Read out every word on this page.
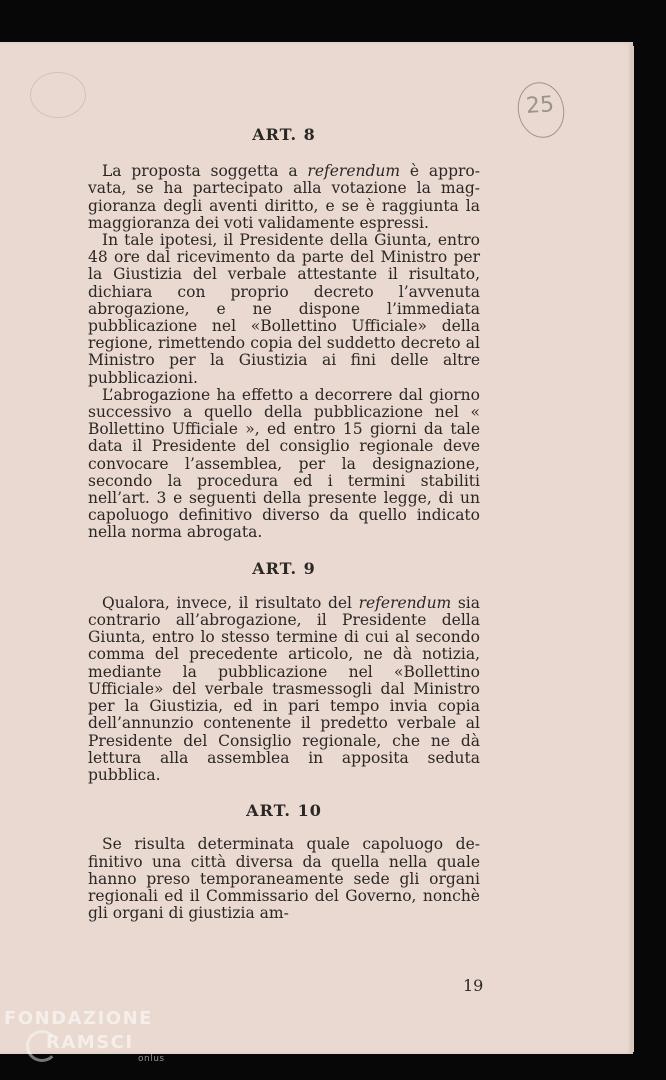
25
ART. 8

La proposta soggetta a referendum è approvata, se ha partecipato alla votazione la maggioranza degli aventi diritto, e se è raggiunta la maggioranza dei voti validamente espressi.

In tale ipotesi, il Presidente della Giunta, entro 48 ore dal ricevimento da parte del Ministro per la Giustizia del verbale attestante il risultato, dichiara con proprio decreto l’avvenuta abrogazione, e ne dispone l’immediata pubblicazione nel «Bollettino Ufficiale» della regione, rimettendo copia del suddetto decreto al Ministro per la Giustizia ai fini delle altre pubblicazioni.

L’abrogazione ha effetto a decorrere dal giorno successivo a quello della pubblicazione nel « Bollettino Ufficiale », ed entro 15 giorni da tale data il Presidente del consiglio regionale deve convocare l’assemblea, per la designazione, secondo la procedura ed i termini stabiliti nell’art. 3 e seguenti della presente legge, di un capoluogo definitivo diverso da quello indicato nella norma abrogata.

ART. 9

Qualora, invece, il risultato del referendum sia contrario all’abrogazione, il Presidente della Giunta, entro lo stesso termine di cui al secondo comma del precedente articolo, ne dà notizia, mediante la pubblicazione nel «Bollettino Ufficiale» del verbale trasmessogli dal Ministro per la Giustizia, ed in pari tempo invia copia dell’annunzio contenente il predetto verbale al Presidente del Consiglio regionale, che ne dà lettura alla assemblea in apposita seduta pubblica.

ART. 10

Se risulta determinata quale capoluogo definitivo una città diversa da quella nella quale hanno preso temporaneamente sede gli organi regionali ed il Commissario del Governo, nonchè gli organi di giustizia am-

19
FONDAZIONE
RAMSCI
onlus
